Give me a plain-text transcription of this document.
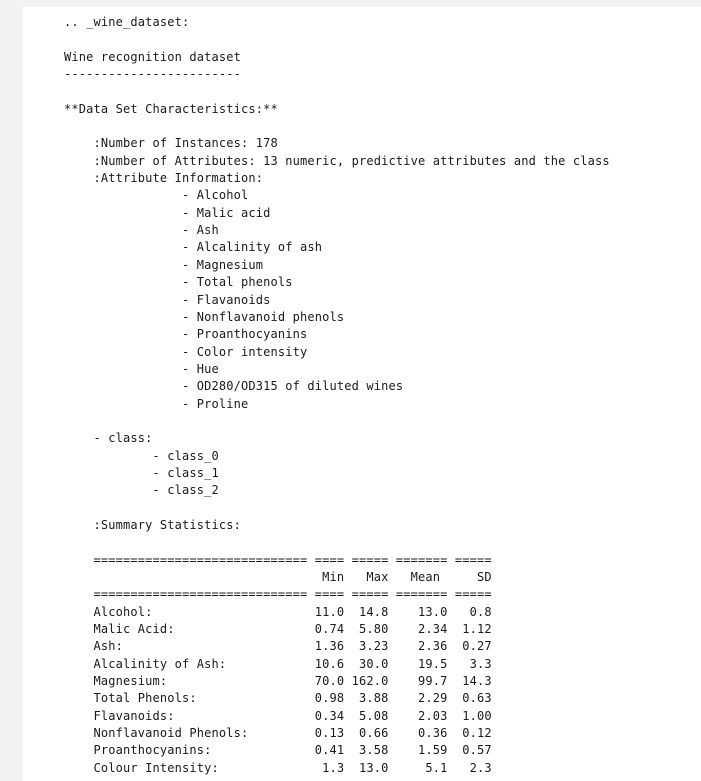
.. _wine_dataset:

Wine recognition dataset
------------------------

**Data Set Characteristics:**

:Number of Instances: 178
:Number of Attributes: 13 numeric, predictive attributes and the class
:Attribute Information:
		- Alcohol
		- Malic acid
		- Ash
		- Alcalinity of ash
		- Magnesium
		- Total phenols
		- Flavanoids
		- Nonflavanoid phenols
		- Proanthocyanins
		- Color intensity
		- Hue
		- OD280/OD315 of diluted wines
		- Proline

- class:
- class_0
- class_1
- class_2

:Summary Statistics:

============================= ==== ===== ======= =====
Min   Max   Mean     SD
============================= ==== ===== ======= =====
Alcohol:                      11.0  14.8    13.0   0.8
Malic Acid:                   0.74  5.80    2.34  1.12
Ash:                          1.36  3.23    2.36  0.27
Alcalinity of Ash:            10.6  30.0    19.5   3.3
Magnesium:                    70.0 162.0    99.7  14.3
Total Phenols:                0.98  3.88    2.29  0.63
Flavanoids:                   0.34  5.08    2.03  1.00
Nonflavanoid Phenols:         0.13  0.66    0.36  0.12
Proanthocyanins:              0.41  3.58    1.59  0.57
Colour Intensity:              1.3  13.0     5.1   2.3
